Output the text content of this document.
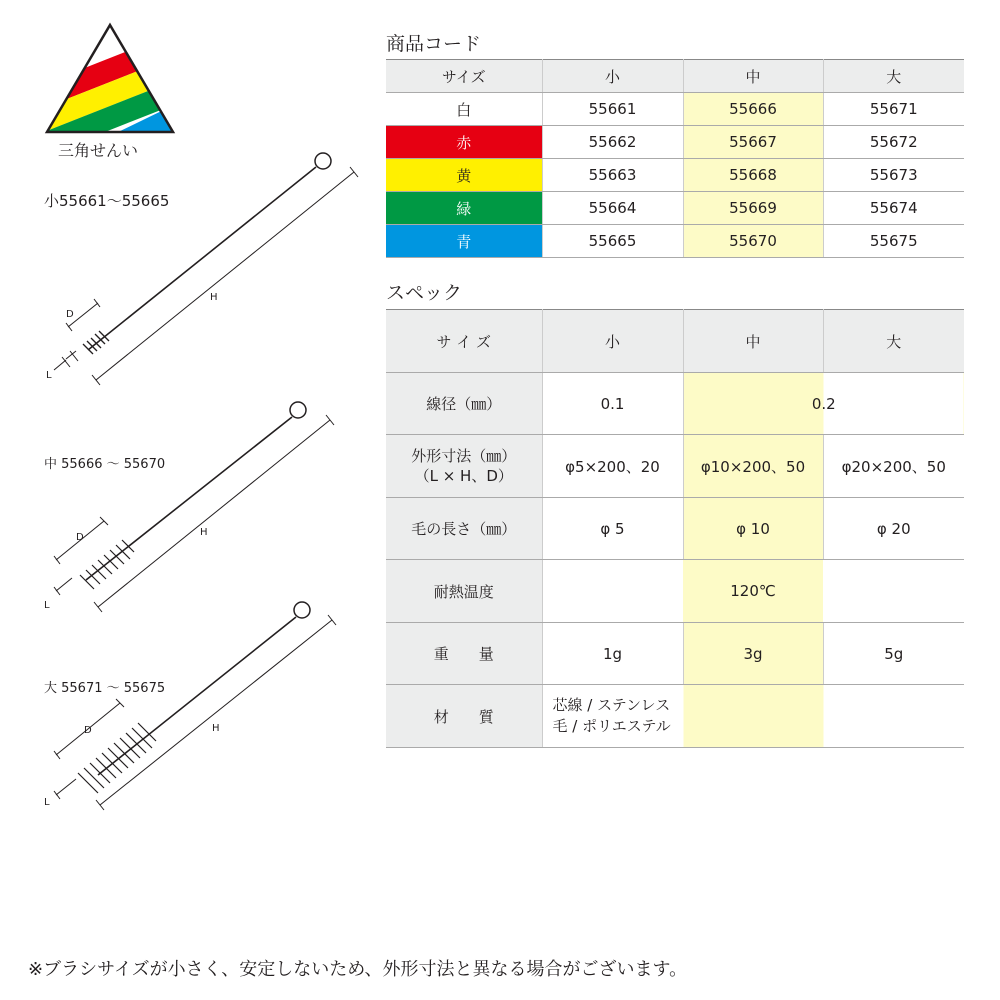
三角せんい
小55661～55665
中 55666 ～ 55670
大 55671 ～ 55675
D
H
L
D	H
L
D	H
L
商品コード
サイズ	小	中	大
白	55661	55666	55671
赤	55662	55667	55672
黄	55663	55668	55673
緑	55664	55669	55674
青	55665	55670	55675
スペック
サ イ ズ	小	中	大
線径（㎜）	0.1	0.2	

外形寸法（㎜）
（L × H、D）	φ5×200、20	φ10×200、50	φ20×200、50
毛の長さ（㎜）	φ 5	φ 10	φ 20
耐熱温度		120℃	
重　　量	1g	3g	5g
材　　質	芯線 / ステンレス
毛 / ポリエステル		
※ブラシサイズが小さく、安定しないため、外形寸法と異なる場合がございます。
